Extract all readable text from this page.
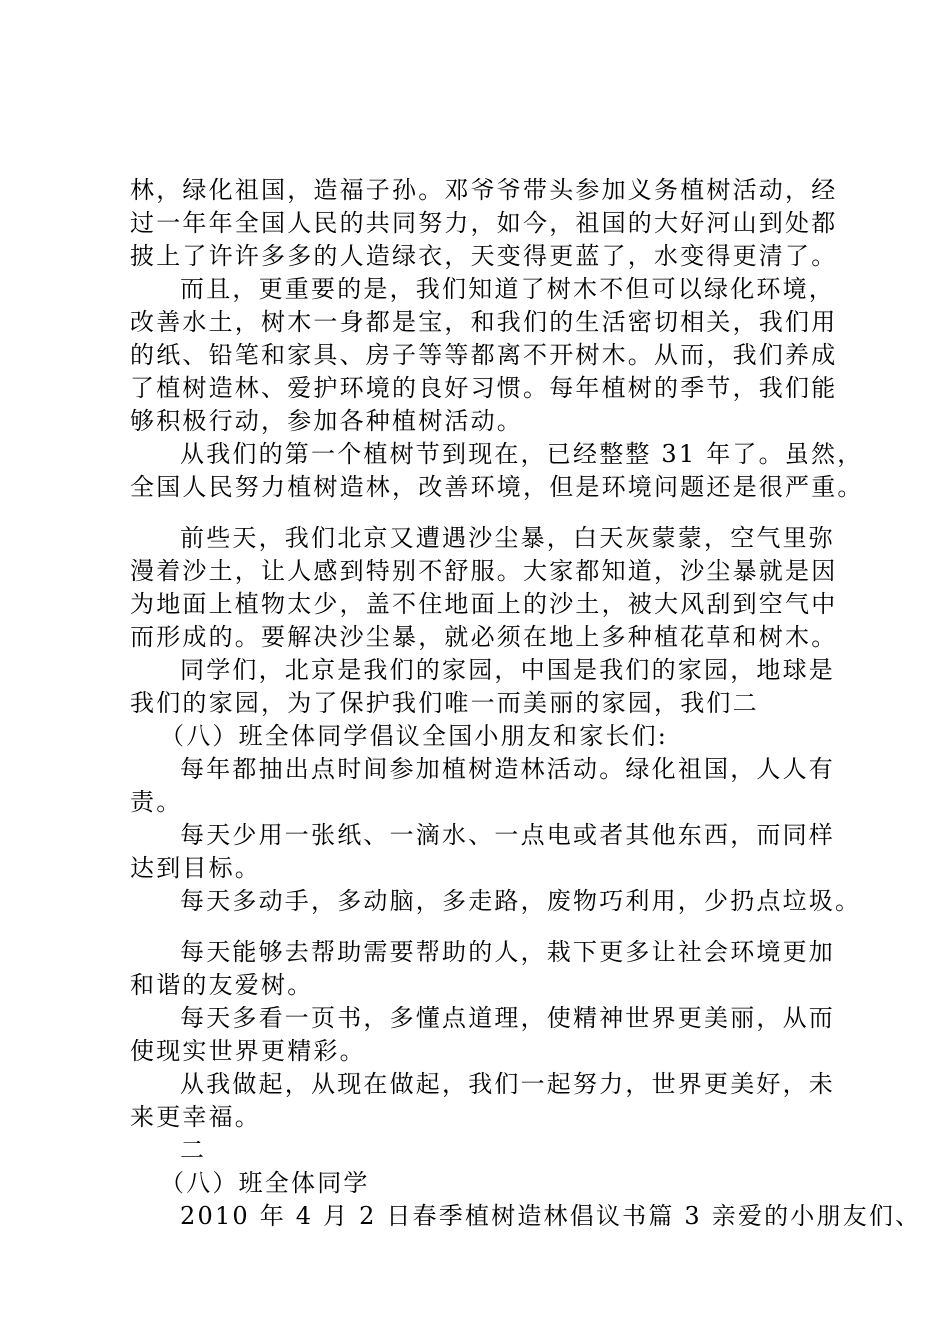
林，绿化祖国，造福子孙。邓爷爷带头参加义务植树活动，经
过一年年全国人民的共同努力，如今，祖国的大好河山到处都
披上了许许多多的人造绿衣，天变得更蓝了，水变得更清了。
而且，更重要的是，我们知道了树木不但可以绿化环境，
改善水土，树木一身都是宝，和我们的生活密切相关，我们用
的纸、铅笔和家具、房子等等都离不开树木。从而，我们养成
了植树造林、爱护环境的良好习惯。每年植树的季节，我们能
够积极行动，参加各种植树活动。
从我们的第一个植树节到现在，已经整整 31 年了。虽然，
全国人民努力植树造林，改善环境，但是环境问题还是很严重。
前些天，我们北京又遭遇沙尘暴，白天灰蒙蒙，空气里弥
漫着沙土，让人感到特别不舒服。大家都知道，沙尘暴就是因
为地面上植物太少，盖不住地面上的沙土，被大风刮到空气中
而形成的。要解决沙尘暴，就必须在地上多种植花草和树木。
同学们，北京是我们的家园，中国是我们的家园，地球是
我们的家园，为了保护我们唯一而美丽的家园，我们二
（八）班全体同学倡议全国小朋友和家长们:
每年都抽出点时间参加植树造林活动。绿化祖国，人人有
责。
每天少用一张纸、一滴水、一点电或者其他东西，而同样
达到目标。
每天多动手，多动脑，多走路，废物巧利用，少扔点垃圾。
每天能够去帮助需要帮助的人，栽下更多让社会环境更加
和谐的友爱树。
每天多看一页书，多懂点道理，使精神世界更美丽，从而
使现实世界更精彩。
从我做起，从现在做起，我们一起努力，世界更美好，未
来更幸福。
二
（八）班全体同学
2010 年 4 月 2 日春季植树造林倡议书篇 3 亲爱的小朋友们、
